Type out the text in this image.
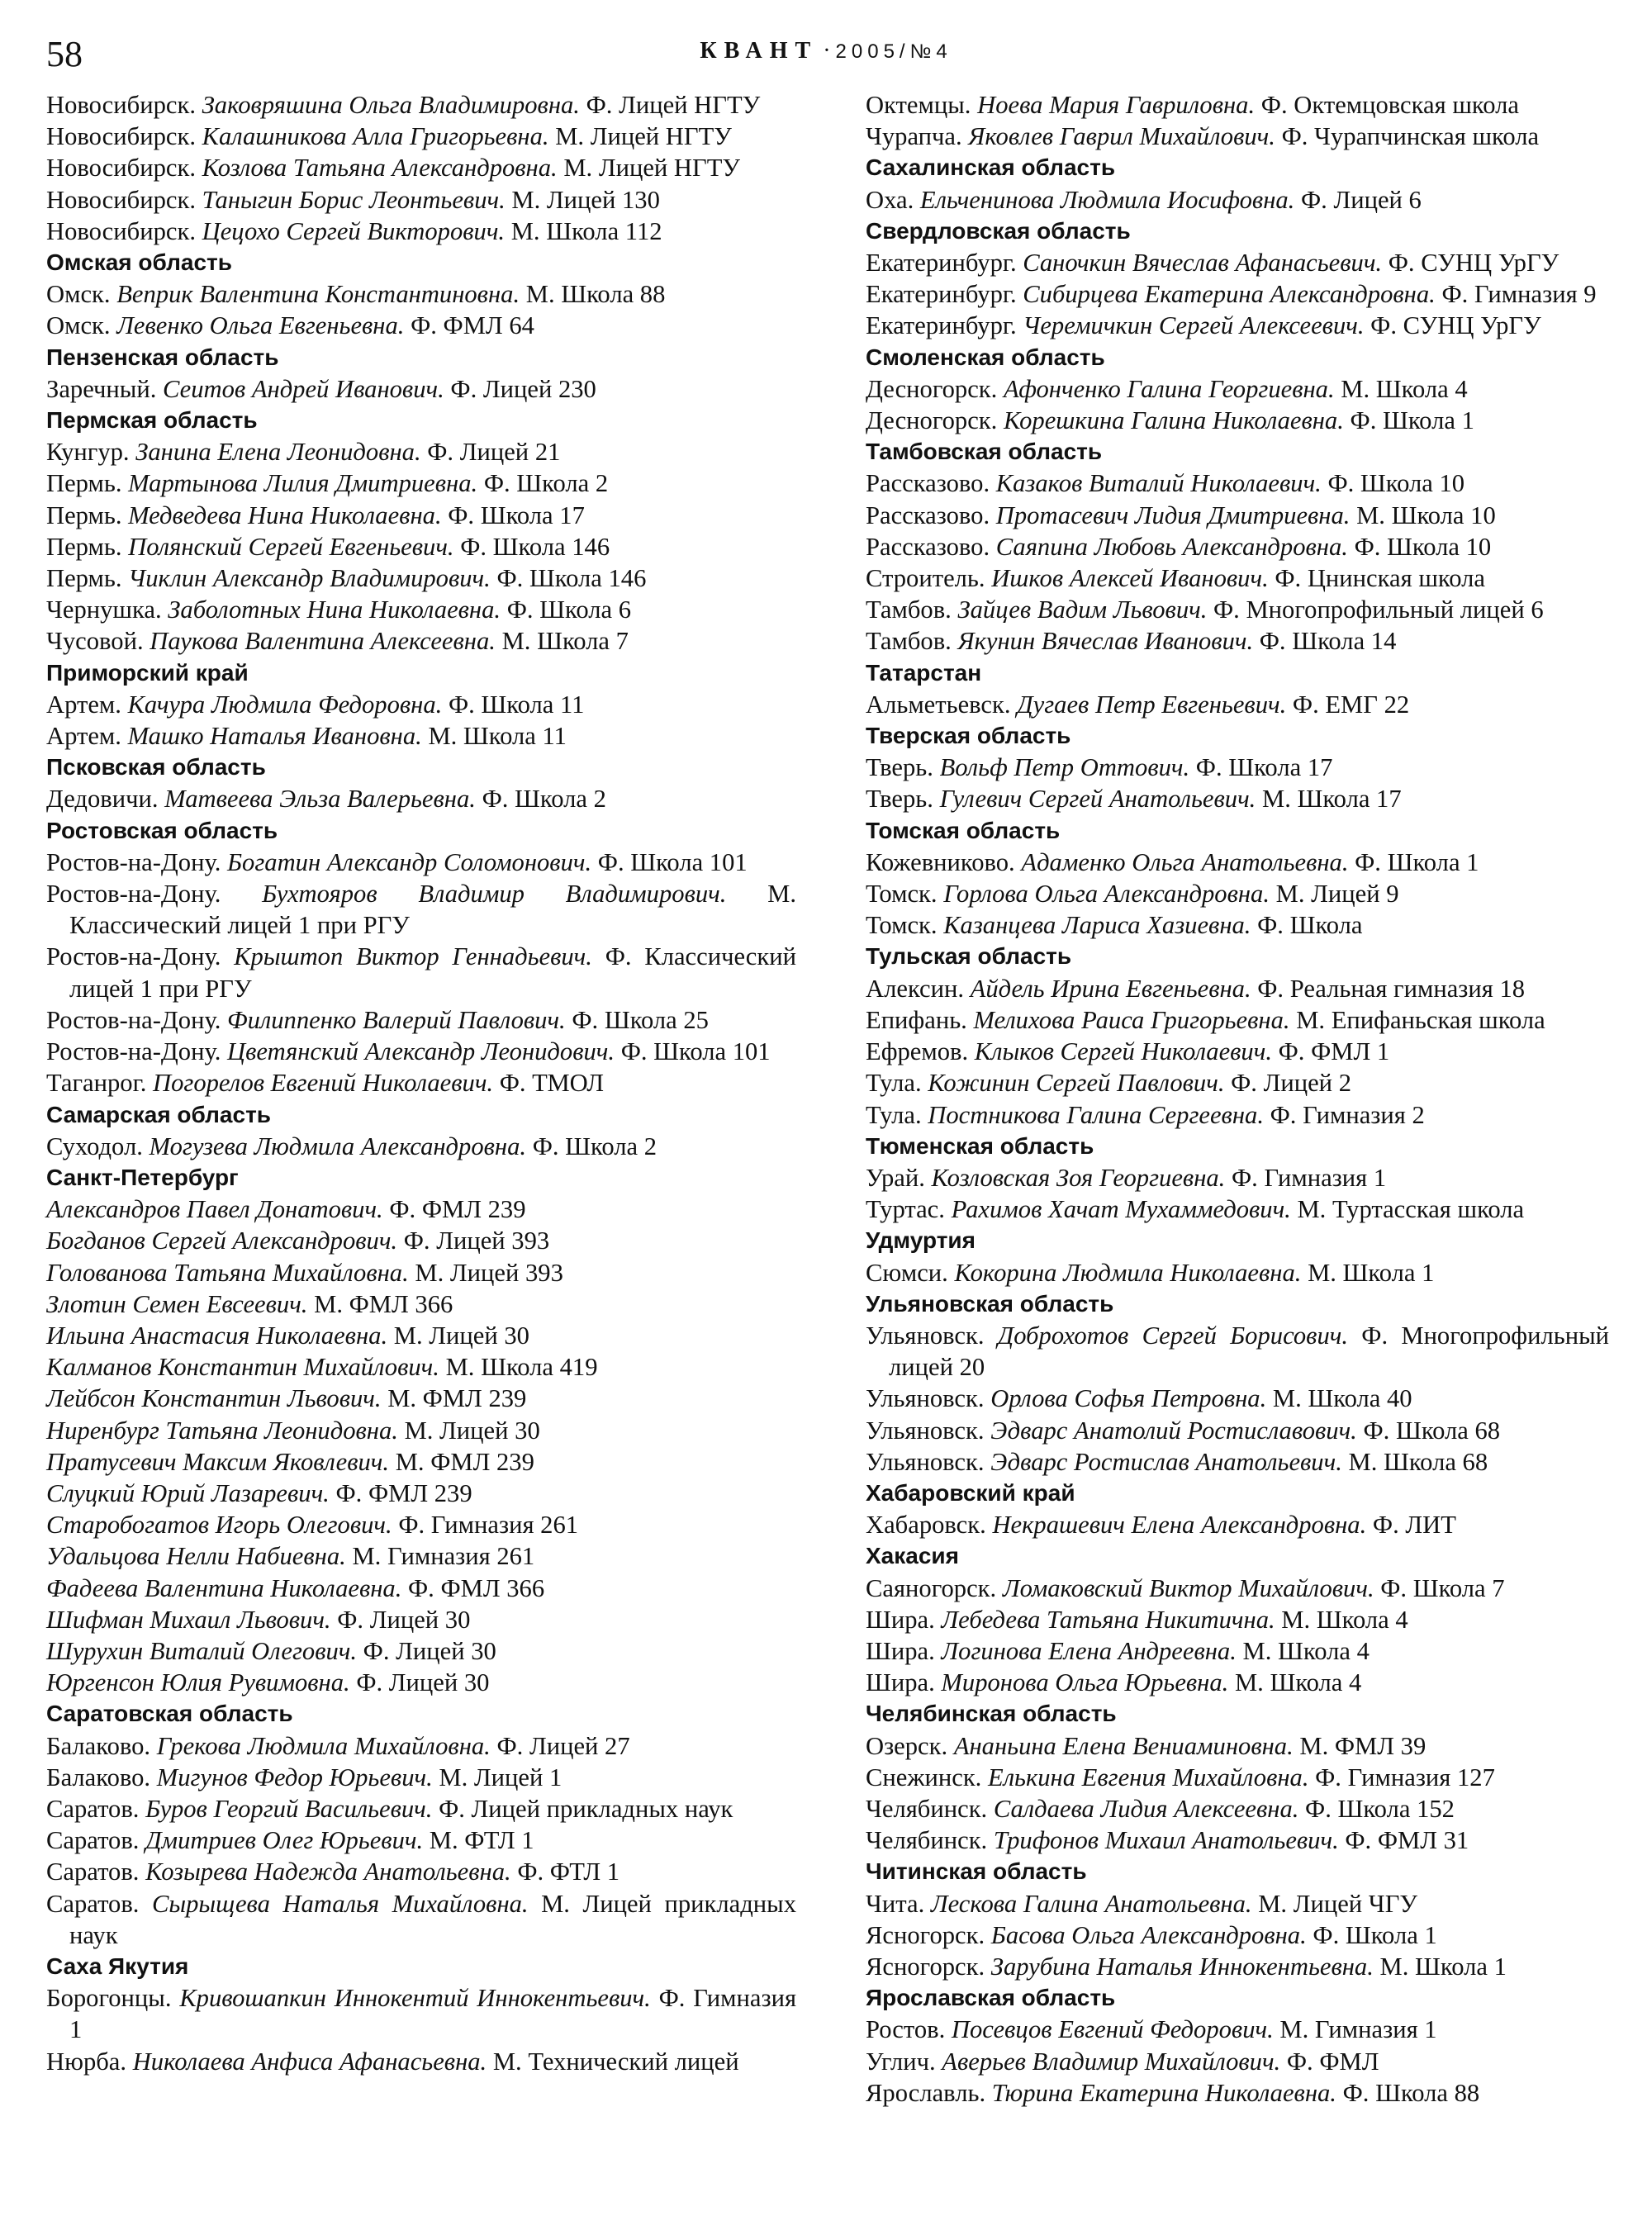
58	КВАНТ · 2005/№4
Новосибирск. Заковряшина Ольга Владимировна. Ф. Лицей НГТУ
Новосибирск. Калашникова Алла Григорьевна. М. Лицей НГТУ
Новосибирск. Козлова Татьяна Александровна. М. Лицей НГТУ
Новосибирск. Таныгин Борис Леонтьевич. М. Лицей 130
Новосибирск. Цецохо Сергей Викторович. М. Школа 112
Омская область
Омск. Веприк Валентина Константиновна. М. Школа 88
Омск. Левенко Ольга Евгеньевна. Ф. ФМЛ 64
Пензенская область
Заречный. Сеитов Андрей Иванович. Ф. Лицей 230
Пермская область
Кунгур. Занина Елена Леонидовна. Ф. Лицей 21
Пермь. Мартынова Лилия Дмитриевна. Ф. Школа 2
Пермь. Медведева Нина Николаевна. Ф. Школа 17
Пермь. Полянский Сергей Евгеньевич. Ф. Школа 146
Пермь. Чиклин Александр Владимирович. Ф. Школа 146
Чернушка. Заболотных Нина Николаевна. Ф. Школа 6
Чусовой. Паукова Валентина Алексеевна. М. Школа 7
Приморский край
Артем. Качура Людмила Федоровна. Ф. Школа 11
Артем. Машко Наталья Ивановна. М. Школа 11
Псковская область
Дедовичи. Матвеева Эльза Валерьевна. Ф. Школа 2
Ростовская область
Ростов-на-Дону. Богатин Александр Соломонович. Ф. Школа 101
Ростов-на-Дону. Бухтояров Владимир Владимирович. М. Классический лицей 1 при РГУ
Ростов-на-Дону. Крыштоп Виктор Геннадьевич. Ф. Классический лицей 1 при РГУ
Ростов-на-Дону. Филиппенко Валерий Павлович. Ф. Школа 25
Ростов-на-Дону. Цветянский Александр Леонидович. Ф. Школа 101
Таганрог. Погорелов Евгений Николаевич. Ф. ТМОЛ
Самарская область
Суходол. Могузева Людмила Александровна. Ф. Школа 2
Санкт-Петербург
Александров Павел Донатович. Ф. ФМЛ 239
Богданов Сергей Александрович. Ф. Лицей 393
Голованова Татьяна Михайловна. М. Лицей 393
Злотин Семен Евсеевич. М. ФМЛ 366
Ильина Анастасия Николаевна. М. Лицей 30
Калманов Константин Михайлович. М. Школа 419
Лейбсон Константин Львович. М. ФМЛ 239
Ниренбург Татьяна Леонидовна. М. Лицей 30
Пратусевич Максим Яковлевич. М. ФМЛ 239
Слуцкий Юрий Лазаревич. Ф. ФМЛ 239
Старобогатов Игорь Олегович. Ф. Гимназия 261
Удальцова Нелли Набиевна. М. Гимназия 261
Фадеева Валентина Николаевна. Ф. ФМЛ 366
Шифман Михаил Львович. Ф. Лицей 30
Шурухин Виталий Олегович. Ф. Лицей 30
Юргенсон Юлия Рувимовна. Ф. Лицей 30
Саратовская область
Балаково. Грекова Людмила Михайловна. Ф. Лицей 27
Балаково. Мигунов Федор Юрьевич. М. Лицей 1
Саратов. Буров Георгий Васильевич. Ф. Лицей прикладных наук
Саратов. Дмитриев Олег Юрьевич. М. ФТЛ 1
Саратов. Козырева Надежда Анатольевна. Ф. ФТЛ 1
Саратов. Сырыщева Наталья Михайловна. М. Лицей прикладных наук
Саха Якутия
Борогонцы. Кривошапкин Иннокентий Иннокентьевич. Ф. Гимназия 1
Нюрба. Николаева Анфиса Афанасьевна. М. Технический лицей
Октемцы. Ноева Мария Гавриловна. Ф. Октемцовская школа
Чурапча. Яковлев Гаврил Михайлович. Ф. Чурапчинская школа
Сахалинская область
Оха. Ельченинова Людмила Иосифовна. Ф. Лицей 6
Свердловская область
Екатеринбург. Саночкин Вячеслав Афанасьевич. Ф. СУНЦ УрГУ
Екатеринбург. Сибирцева Екатерина Александровна. Ф. Гимназия 9
Екатеринбург. Черемичкин Сергей Алексеевич. Ф. СУНЦ УрГУ
Смоленская область
Десногорск. Афонченко Галина Георгиевна. М. Школа 4
Десногорск. Корешкина Галина Николаевна. Ф. Школа 1
Тамбовская область
Рассказово. Казаков Виталий Николаевич. Ф. Школа 10
Рассказово. Протасевич Лидия Дмитриевна. М. Школа 10
Рассказово. Саяпина Любовь Александровна. Ф. Школа 10
Строитель. Ишков Алексей Иванович. Ф. Цнинская школа
Тамбов. Зайцев Вадим Львович. Ф. Многопрофильный лицей 6
Тамбов. Якунин Вячеслав Иванович. Ф. Школа 14
Татарстан
Альметьевск. Дугаев Петр Евгеньевич. Ф. ЕМГ 22
Тверская область
Тверь. Вольф Петр Оттович. Ф. Школа 17
Тверь. Гулевич Сергей Анатольевич. М. Школа 17
Томская область
Кожевниково. Адаменко Ольга Анатольевна. Ф. Школа 1
Томск. Горлова Ольга Александровна. М. Лицей 9
Томск. Казанцева Лариса Хазиевна. Ф. Школа
Тульская область
Алексин. Айдель Ирина Евгеньевна. Ф. Реальная гимназия 18
Епифань. Мелихова Раиса Григорьевна. М. Епифаньская школа
Ефремов. Клыков Сергей Николаевич. Ф. ФМЛ 1
Тула. Кожинин Сергей Павлович. Ф. Лицей 2
Тула. Постникова Галина Сергеевна. Ф. Гимназия 2
Тюменская область
Урай. Козловская Зоя Георгиевна. Ф. Гимназия 1
Туртас. Рахимов Хачат Мухаммедович. М. Туртасская школа
Удмуртия
Сюмси. Кокорина Людмила Николаевна. М. Школа 1
Ульяновская область
Ульяновск. Доброхотов Сергей Борисович. Ф. Многопрофильный лицей 20
Ульяновск. Орлова Софья Петровна. М. Школа 40
Ульяновск. Эдварс Анатолий Ростиславович. Ф. Школа 68
Ульяновск. Эдварс Ростислав Анатольевич. М. Школа 68
Хабаровский край
Хабаровск. Некрашевич Елена Александровна. Ф. ЛИТ
Хакасия
Саяногорск. Ломаковский Виктор Михайлович. Ф. Школа 7
Шира. Лебедева Татьяна Никитична. М. Школа 4
Шира. Логинова Елена Андреевна. М. Школа 4
Шира. Миронова Ольга Юрьевна. М. Школа 4
Челябинская область
Озерск. Ананьина Елена Вениаминовна. М. ФМЛ 39
Снежинск. Елькина Евгения Михайловна. Ф. Гимназия 127
Челябинск. Салдаева Лидия Алексеевна. Ф. Школа 152
Челябинск. Трифонов Михаил Анатольевич. Ф. ФМЛ 31
Читинская область
Чита. Лескова Галина Анатольевна. М. Лицей ЧГУ
Ясногорск. Басова Ольга Александровна. Ф. Школа 1
Ясногорск. Зарубина Наталья Иннокентьевна. М. Школа 1
Ярославская область
Ростов. Посевцов Евгений Федорович. М. Гимназия 1
Углич. Аверьев Владимир Михайлович. Ф. ФМЛ
Ярославль. Тюрина Екатерина Николаевна. Ф. Школа 88
